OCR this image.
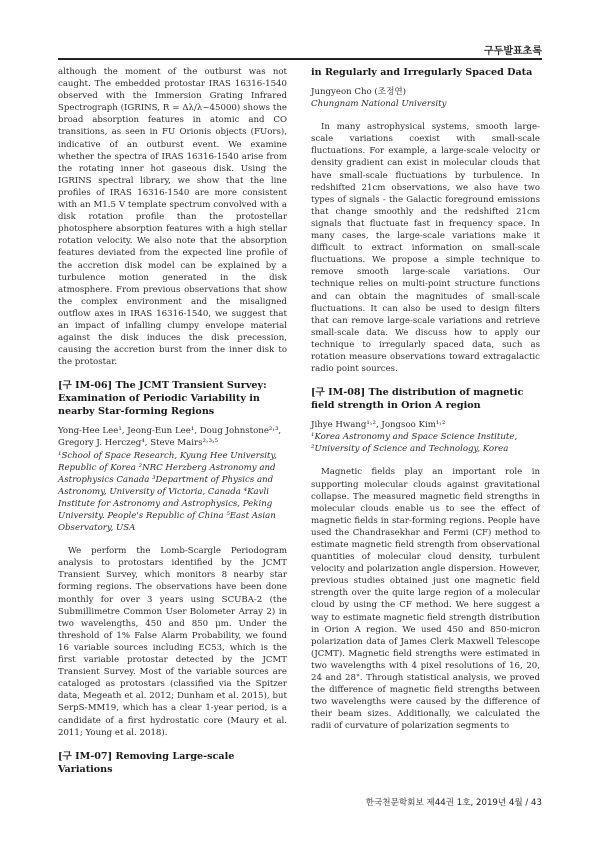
구두발표초록

although the moment of the outburst was not caught. The embedded protostar IRAS 16316-1540 observed with the Immersion Grating Infrared Spectrograph (IGRINS, R = Δλ/λ~45000) shows the broad absorption features in atomic and CO transitions, as seen in FU Orionis objects (FUors), indicative of an outburst event. We examine whether the spectra of IRAS 16316-1540 arise from the rotating inner hot gaseous disk. Using the IGRINS spectral library, we show that the line profiles of IRAS 16316-1540 are more consistent with an M1.5 V template spectrum convolved with a disk rotation profile than the protostellar photosphere absorption features with a high stellar rotation velocity. We also note that the absorption features deviated from the expected line profile of the accretion disk model can be explained by a turbulence motion generated in the disk atmosphere. From previous observations that show the complex environment and the misaligned outflow axes in IRAS 16316-1540, we suggest that an impact of infalling clumpy envelope material against the disk induces the disk precession, causing the accretion burst from the inner disk to the protostar.

[구 IM-06] The JCMT Transient Survey: Examination of Periodic Variability in nearby Star-forming Regions

Yong-Hee Lee¹, Jeong-Eun Lee¹, Doug Johnstone²˒³, Gregory J. Herczeg⁴, Steve Mairs²˒³˒⁵

¹School of Space Research, Kyung Hee University, Republic of Korea ²NRC Herzberg Astronomy and Astrophysics Canada ³Department of Physics and Astronomy, University of Victoria, Canada ⁴Kavli Institute for Astronomy and Astrophysics, Peking University. People's Republic of China ⁵East Asian Observatory, USA

We perform the Lomb-Scargle Periodogram analysis to protostars identified by the JCMT Transient Survey, which monitors 8 nearby star forming regions. The observations have been done monthly for over 3 years using SCUBA-2 (the Submillimetre Common User Bolometer Array 2) in two wavelengths, 450 and 850 μm. Under the threshold of 1% False Alarm Probability, we found 16 variable sources including EC53, which is the first variable protostar detected by the JCMT Transient Survey. Most of the variable sources are cataloged as protostars (classified via the Spitzer data, Megeath et al. 2012; Dunham et al. 2015), but SerpS-MM19, which has a clear 1-year period, is a candidate of a first hydrostatic core (Maury et al. 2011; Young et al. 2018).

[구 IM-07] Removing Large-scale Variations

in Regularly and Irregularly Spaced Data

Jungyeon Cho (조정연)

Chungnam National University

In many astrophysical systems, smooth large-scale variations coexist with small-scale fluctuations. For example, a large-scale velocity or density gradient can exist in molecular clouds that have small-scale fluctuations by turbulence. In redshifted 21cm observations, we also have two types of signals - the Galactic foreground emissions that change smoothly and the redshifted 21cm signals that fluctuate fast in frequency space. In many cases, the large-scale variations make it difficult to extract information on small-scale fluctuations. We propose a simple technique to remove smooth large-scale variations. Our technique relies on multi-point structure functions and can obtain the magnitudes of small-scale fluctuations. It can also be used to design filters that can remove large-scale variations and retrieve small-scale data. We discuss how to apply our technique to irregularly spaced data, such as rotation measure observations toward extragalactic radio point sources.

[구 IM-08] The distribution of magnetic field strength in Orion A region

Jihye Hwang¹˒², Jongsoo Kim¹˒²

¹Korea Astronomy and Space Science Institute, ²University of Science and Technology, Korea

Magnetic fields play an important role in supporting molecular clouds against gravitational collapse. The measured magnetic field strengths in molecular clouds enable us to see the effect of magnetic fields in star-forming regions. People have used the Chandrasekhar and Fermi (CF) method to estimate magnetic field strength from observational quantities of molecular cloud density, turbulent velocity and polarization angle dispersion. However, previous studies obtained just one magnetic field strength over the quite large region of a molecular cloud by using the CF method. We here suggest a way to estimate magnetic field strength distribution in Orion A region. We used 450 and 850-micron polarization data of James Clerk Maxwell Telescope (JCMT). Magnetic field strengths were estimated in two wavelengths with 4 pixel resolutions of 16, 20, 24 and 28". Through statistical analysis, we proved the difference of magnetic field strengths between two wavelengths were caused by the difference of their beam sizes. Additionally, we calculated the radii of curvature of polarization segments to

한국천문학회보 제44권 1호, 2019년 4월 / 43
